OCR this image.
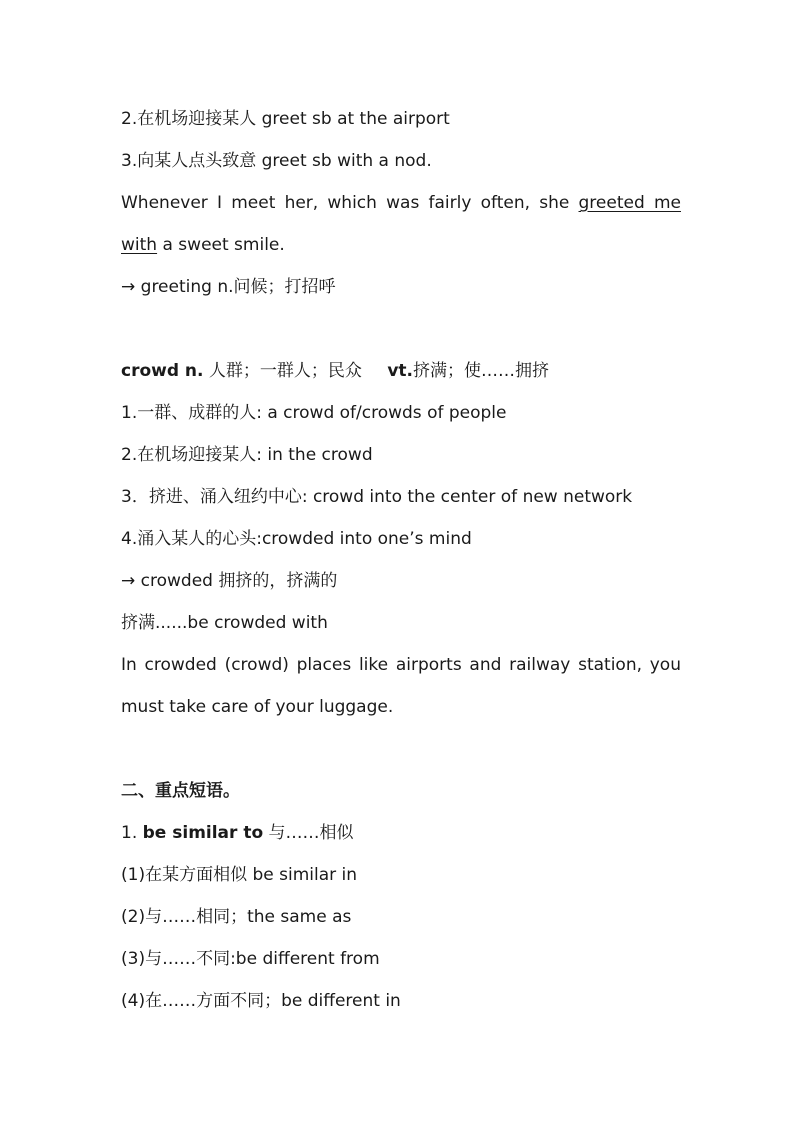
2.在机场迎接某人 greet sb at the airport
3.向某人点头致意 greet sb with a nod.
Whenever I meet her, which was fairly often, she greeted me
with a sweet smile.
→ greeting n.问候；打招呼
crowd n. 人群；一群人；民众 vt.挤满；使……拥挤
1.一群、成群的人: a crowd of/crowds of people
2.在机场迎接某人: in the crowd
3．挤进、涌入纽约中心: crowd into the center of new network
4.涌入某人的心头:crowded into one’s mind
→ crowded 拥挤的，挤满的
挤满......be crowded with
In crowded (crowd) places like airports and railway station, you
must take care of your luggage.
二、重点短语。
1. be similar to 与……相似
(1)在某方面相似 be similar in
(2)与……相同；the same as
(3)与……不同:be different from
(4)在……方面不同；be different in
